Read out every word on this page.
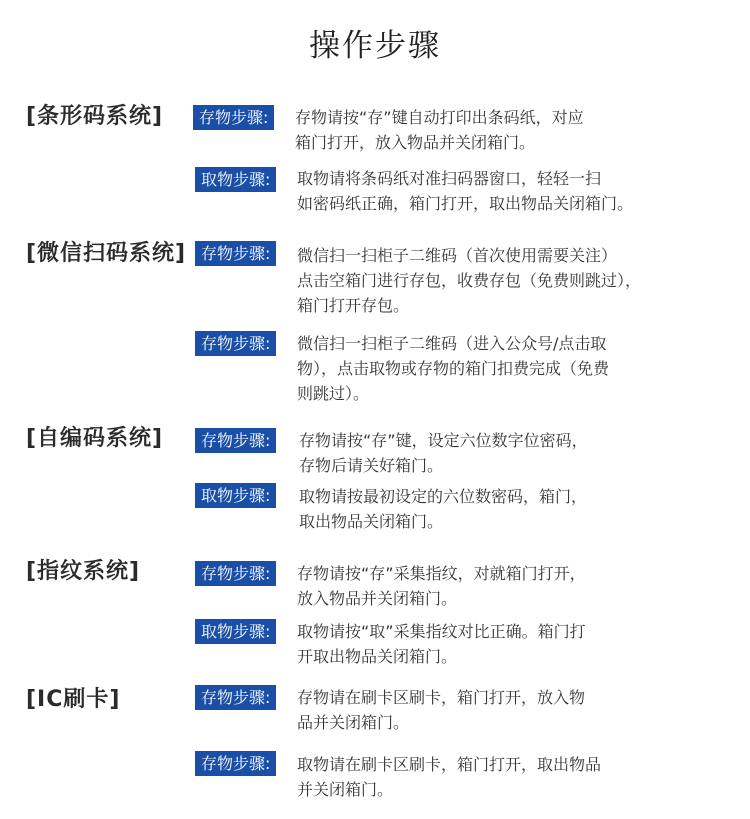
操作步骤
[条形码系统]	存物步骤:	存物请按“存”键自动打印出条码纸，对应
箱门打开，放入物品并关闭箱门。
取物步骤:	取物请将条码纸对准扫码器窗口，轻轻一扫
如密码纸正确，箱门打开，取出物品关闭箱门。
[微信扫码系统] 存物步骤:	微信扫一扫柜子二维码（首次使用需要关注）
点击空箱门进行存包，收费存包（免费则跳过），
箱门打开存包。
存物步骤:	微信扫一扫柜子二维码（进入公众号/点击取
物），点击取物或存物的箱门扣费完成（免费
则跳过）。
[自编码系统]	存物步骤:	存物请按“存”键，设定六位数字位密码，
存物后请关好箱门。
取物步骤:	取物请按最初设定的六位数密码，箱门，
取出物品关闭箱门。
[指纹系统]	存物步骤:	存物请按“存”采集指纹，对就箱门打开，
放入物品并关闭箱门。
取物步骤:	取物请按“取”采集指纹对比正确。箱门打
开取出物品关闭箱门。
[IC刷卡]	存物步骤:	存物请在刷卡区刷卡，箱门打开，放入物
品并关闭箱门。
存物步骤:	取物请在刷卡区刷卡，箱门打开，取出物品
并关闭箱门。
